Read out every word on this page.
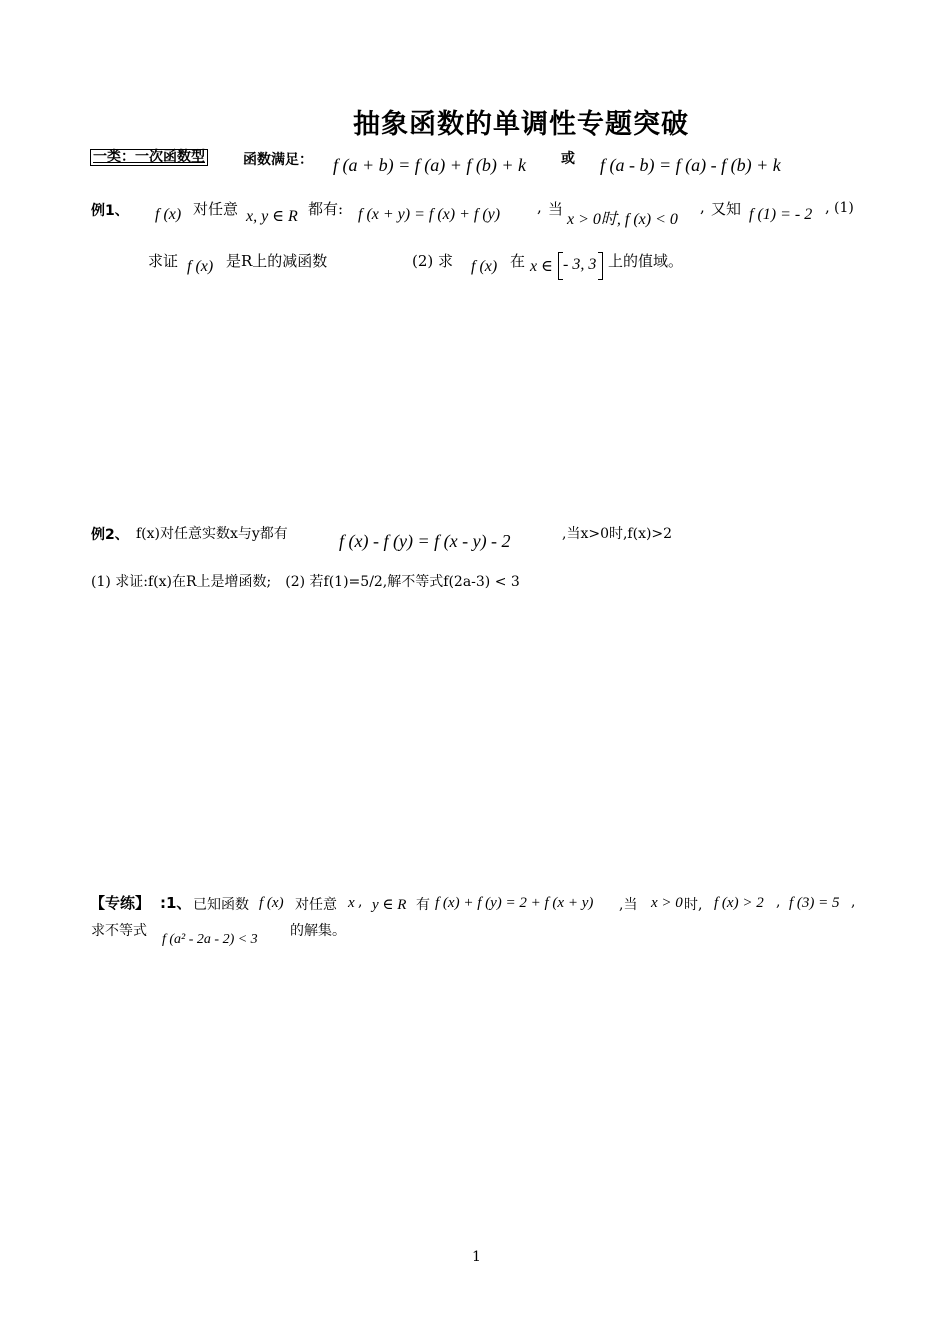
抽象函数的单调性专题突破
一类：一次函数型	函数满足： f (a + b) = f (a) + f (b) + k 或 f (a - b) = f (a) - f (b) + k
例1、 f (x) 对任意 x, y ∈ R 都有: f (x + y) = f (x) + f (y) , 当
x > 0时, f (x) < 0
, 又知 f (1) = - 2 , (1)
求证 f (x) 是R上的减函数	(2) 求 f (x) 在 x ∈ - 3, 3 上的值域。
例2、 f(x)对任意实数x与y都有	f (x) - f (y) = f (x - y) - 2	,当x>0时,f(x)>2
(1) 求证:f(x)在R上是增函数;　(2) 若f(1)=5/2,解不等式f(2a-3) < 3
【专练】 :1、 已知函数 f (x) 对任意 x , y ∈ R 有 f (x) + f (y) = 2 + f (x + y) ,当 x > 0 时, f (x) > 2 , f (3) = 5 ,
求不等式
f (a² - 2a - 2) < 3
的解集。
1
